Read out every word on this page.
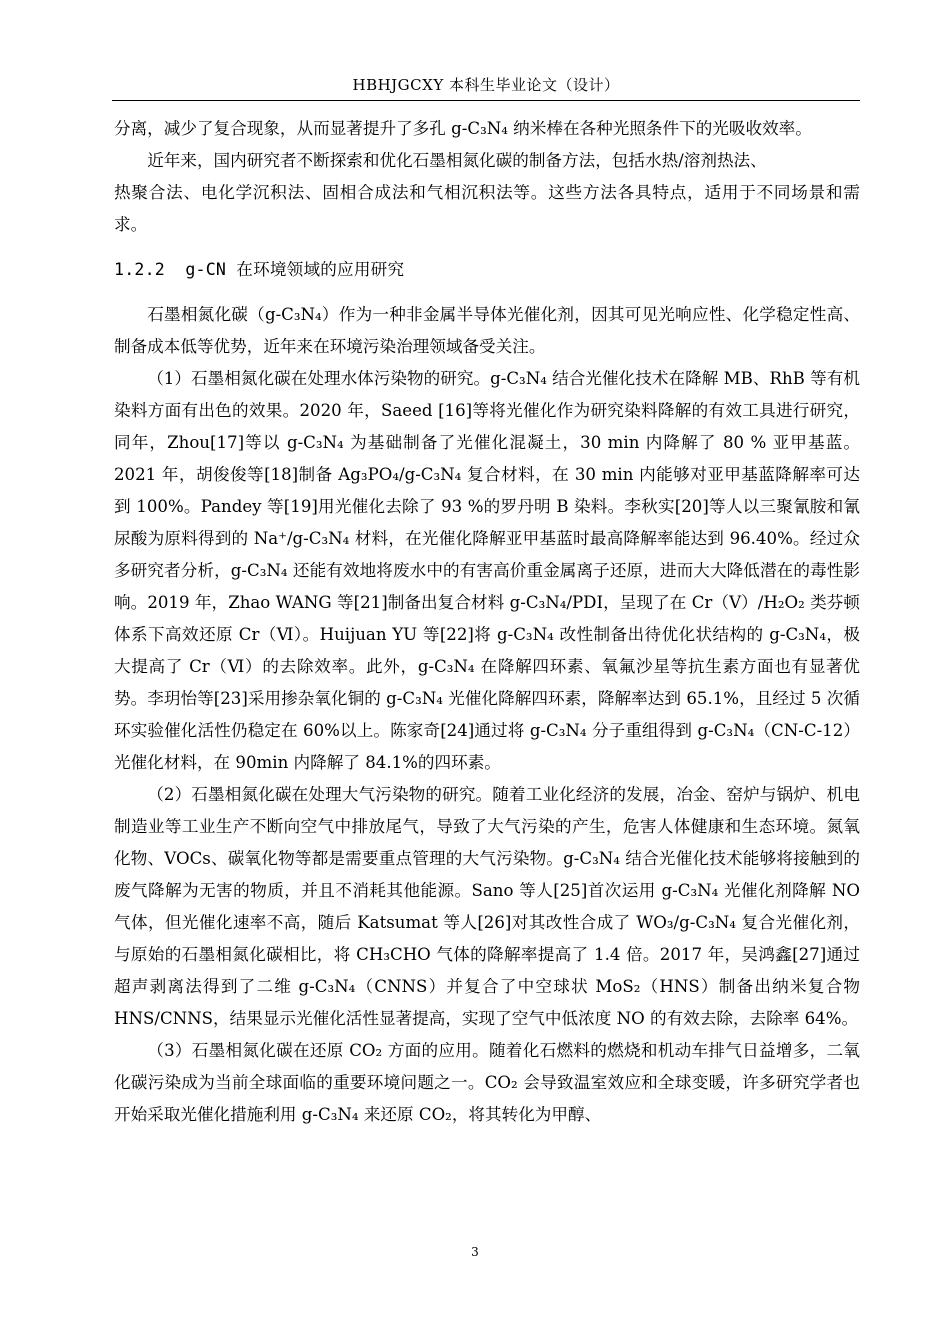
HBHJGCXY 本科生毕业论文（设计）

分离，减少了复合现象，从而显著提升了多孔 g-C₃N₄ 纳米棒在各种光照条件下的光吸收效率。

近年来，国内研究者不断探索和优化石墨相氮化碳的制备方法，包括水热/溶剂热法、

热聚合法、电化学沉积法、固相合成法和气相沉积法等。这些方法各具特点，适用于不同场景和需求。

1.2.2 g-CN 在环境领域的应用研究

石墨相氮化碳（g-C₃N₄）作为一种非金属半导体光催化剂，因其可见光响应性、化学稳定性高、制备成本低等优势，近年来在环境污染治理领域备受关注。

（1）石墨相氮化碳在处理水体污染物的研究。g-C₃N₄ 结合光催化技术在降解 MB、RhB 等有机染料方面有出色的效果。2020 年，Saeed [16]等将光催化作为研究染料降解的有效工具进行研究，同年，Zhou[17]等以 g-C₃N₄ 为基础制备了光催化混凝土，30 min 内降解了 80 % 亚甲基蓝。2021 年，胡俊俊等[18]制备 Ag₃PO₄/g-C₃N₄ 复合材料，在 30 min 内能够对亚甲基蓝降解率可达到 100%。Pandey 等[19]用光催化去除了 93 %的罗丹明 B 染料。李秋实[20]等人以三聚氰胺和氰尿酸为原料得到的 Na⁺/g-C₃N₄ 材料，在光催化降解亚甲基蓝时最高降解率能达到 96.40%。经过众多研究者分析，g-C₃N₄ 还能有效地将废水中的有害高价重金属离子还原，进而大大降低潜在的毒性影响。2019 年，Zhao WANG 等[21]制备出复合材料 g-C₃N₄/PDI，呈现了在 Cr（Ⅴ）/H₂O₂ 类芬顿体系下高效还原 Cr（Ⅵ）。Huijuan YU 等[22]将 g-C₃N₄ 改性制备出待优化状结构的 g-C₃N₄，极大提高了 Cr（Ⅵ）的去除效率。此外，g-C₃N₄ 在降解四环素、氧氟沙星等抗生素方面也有显著优势。李玥怡等[23]采用掺杂氧化铜的 g-C₃N₄ 光催化降解四环素，降解率达到 65.1%，且经过 5 次循环实验催化活性仍稳定在 60%以上。陈家奇[24]通过将 g-C₃N₄ 分子重组得到 g-C₃N₄（CN-C-12）光催化材料，在 90min 内降解了 84.1%的四环素。

（2）石墨相氮化碳在处理大气污染物的研究。随着工业化经济的发展，冶金、窑炉与锅炉、机电制造业等工业生产不断向空气中排放尾气，导致了大气污染的产生，危害人体健康和生态环境。氮氧化物、VOCs、碳氧化物等都是需要重点管理的大气污染物。g-C₃N₄ 结合光催化技术能够将接触到的废气降解为无害的物质，并且不消耗其他能源。Sano 等人[25]首次运用 g-C₃N₄ 光催化剂降解 NO 气体，但光催化速率不高，随后 Katsumat 等人[26]对其改性合成了 WO₃/g-C₃N₄ 复合光催化剂，与原始的石墨相氮化碳相比，将 CH₃CHO 气体的降解率提高了 1.4 倍。2017 年，吴鸿鑫[27]通过超声剥离法得到了二维 g-C₃N₄（CNNS）并复合了中空球状 MoS₂（HNS）制备出纳米复合物 HNS/CNNS，结果显示光催化活性显著提高，实现了空气中低浓度 NO 的有效去除，去除率 64%。

（3）石墨相氮化碳在还原 CO₂ 方面的应用。随着化石燃料的燃烧和机动车排气日益增多，二氧化碳污染成为当前全球面临的重要环境问题之一。CO₂ 会导致温室效应和全球变暖，许多研究学者也开始采取光催化措施利用 g-C₃N₄ 来还原 CO₂，将其转化为甲醇、

3
